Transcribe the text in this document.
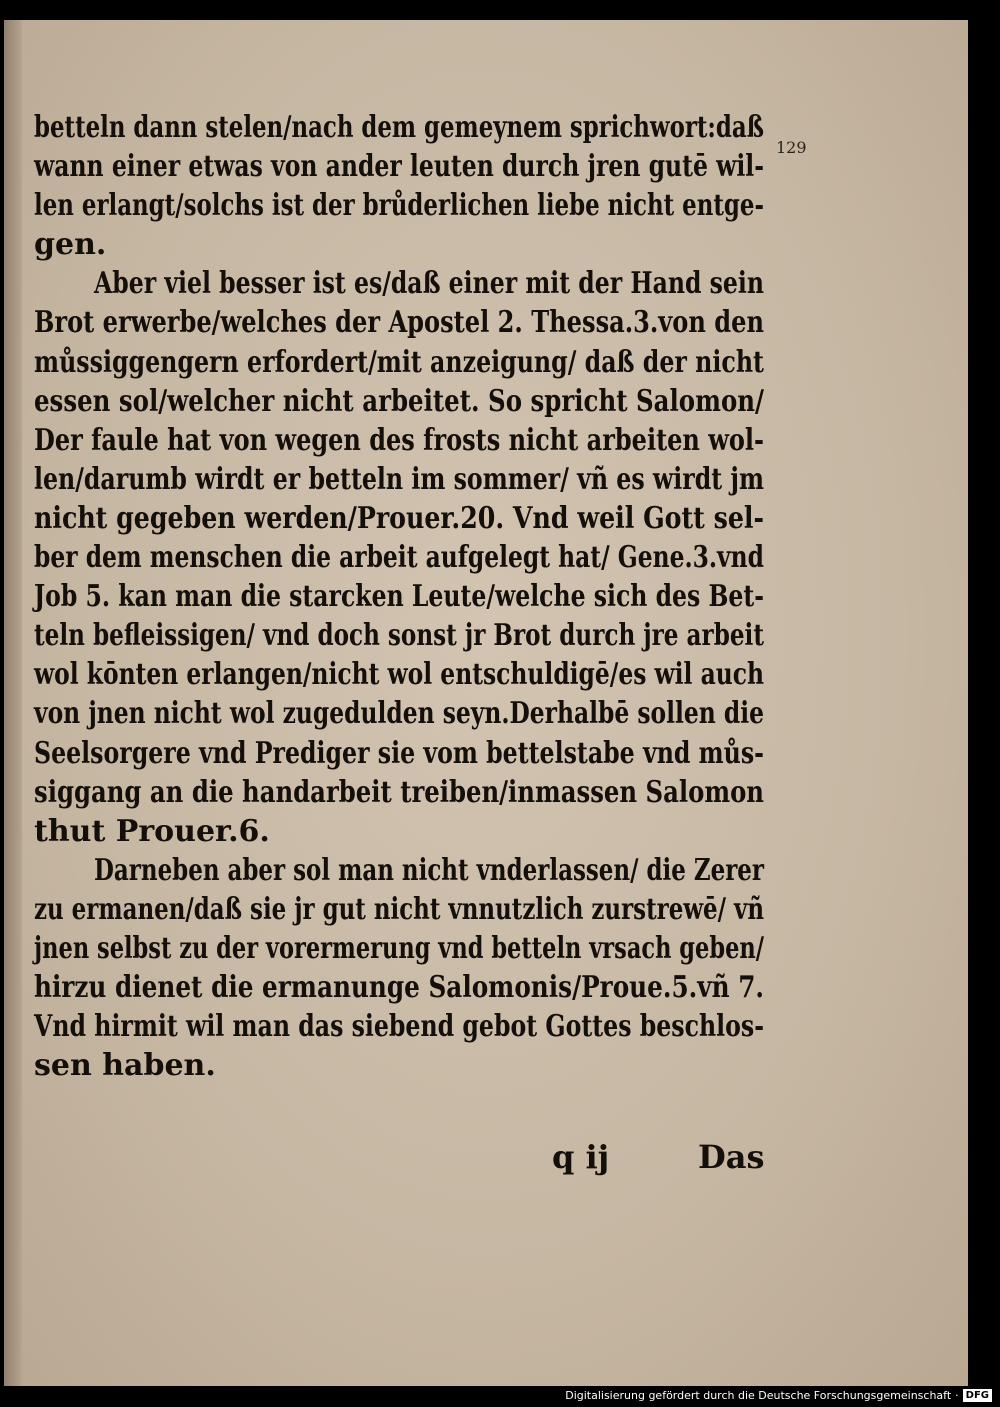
129
betteln dann stelen/nach dem gemeynem sprichwort:daß
wann einer etwas von ander leuten durch jren gutē wil-
len erlangt/solchs ist der brůderlichen liebe nicht entge-
gen.
Aber viel besser ist es/daß einer mit der Hand sein
Brot erwerbe/welches der Apostel 2. Thessa.3.von den
můssiggengern erfordert/mit anzeigung/ daß der nicht
essen sol/welcher nicht arbeitet. So spricht Salomon/
Der faule hat von wegen des frosts nicht arbeiten wol-
len/darumb wirdt er betteln im sommer/ vñ es wirdt jm
nicht gegeben werden/Prouer.20. Vnd weil Gott sel-
ber dem menschen die arbeit aufgelegt hat/ Gene.3.vnd
Job 5. kan man die starcken Leute/welche sich des Bet-
teln befleissigen/ vnd doch sonst jr Brot durch jre arbeit
wol kōnten erlangen/nicht wol entschuldigē/es wil auch
von jnen nicht wol zugedulden seyn.Derhalbē sollen die
Seelsorgere vnd Prediger sie vom bettelstabe vnd můs-
siggang an die handarbeit treiben/inmassen Salomon
thut Prouer.6.
Darneben aber sol man nicht vnderlassen/ die Zerer
zu ermanen/daß sie jr gut nicht vnnutzlich zurstrewē/ vñ
jnen selbst zu der vorermerung vnd betteln vrsach geben/
hirzu dienet die ermanunge Salomonis/Proue.5.vñ 7.
Vnd hirmit wil man das siebend gebot Gottes beschlos-
sen haben.
q ij	Das
Digitalisierung gefördert durch die Deutsche Forschungsgemeinschaft · DFG
